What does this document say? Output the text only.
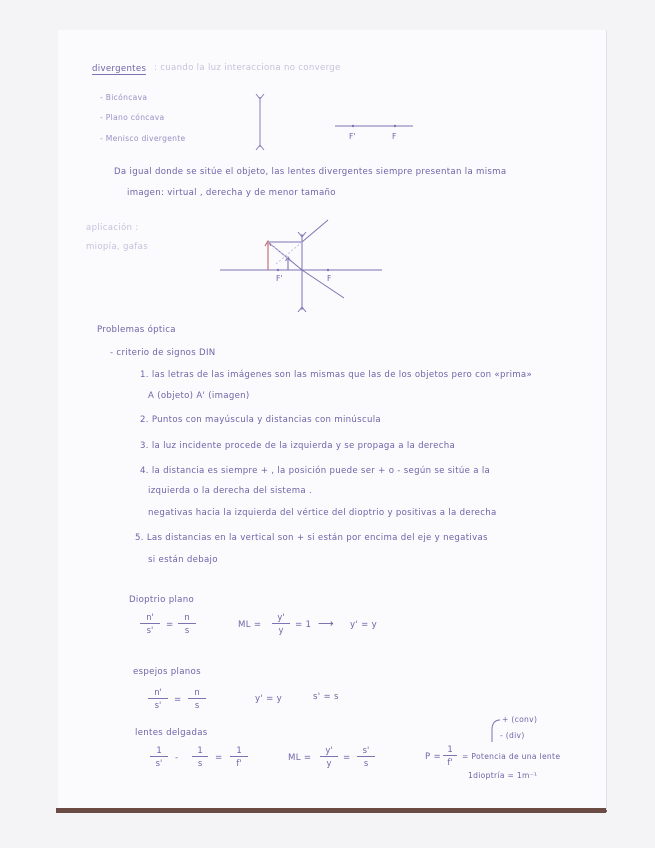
divergentes : cuando la luz interacciona no converge
- Bicóncava
- Plano cóncava
- Menisco divergente	F'	F
Da igual donde se sitúe el objeto, las lentes divergentes siempre presentan la misma
imagen: virtual , derecha y de menor tamaño
aplicación :
miopía, gafas
F'	F
Problemas óptica
- criterio de signos DIN
1. las letras de las imágenes son las mismas que las de los objetos pero con «prima»
A (objeto) A' (imagen)
2. Puntos con mayúscula y distancias con minúscula
3. la luz incidente procede de la izquierda y se propaga a la derecha
4. la distancia es siempre + , la posición puede ser + o - según se sitúe a la
izquierda o la derecha del sistema .
negativas hacia la izquierda del vértice del dioptrio y positivas a la derecha
5. Las distancias en la vertical son + si están por encima del eje y negativas
si están debajo
Dioptrio plano
n'
s'	=
n
s	ML =
y'
y	= 1 ⟶ y' = y
espejos planos
n'
s'	=
n
s
y' = y	s' = s
lentes delgadas
1
s'	-
1
s	=
1
f'	ML =
y'
y	=
s'
s
P =
1
f'
= Potencia de una lente
+ (conv)
- (div)
1dioptría = 1m⁻¹
